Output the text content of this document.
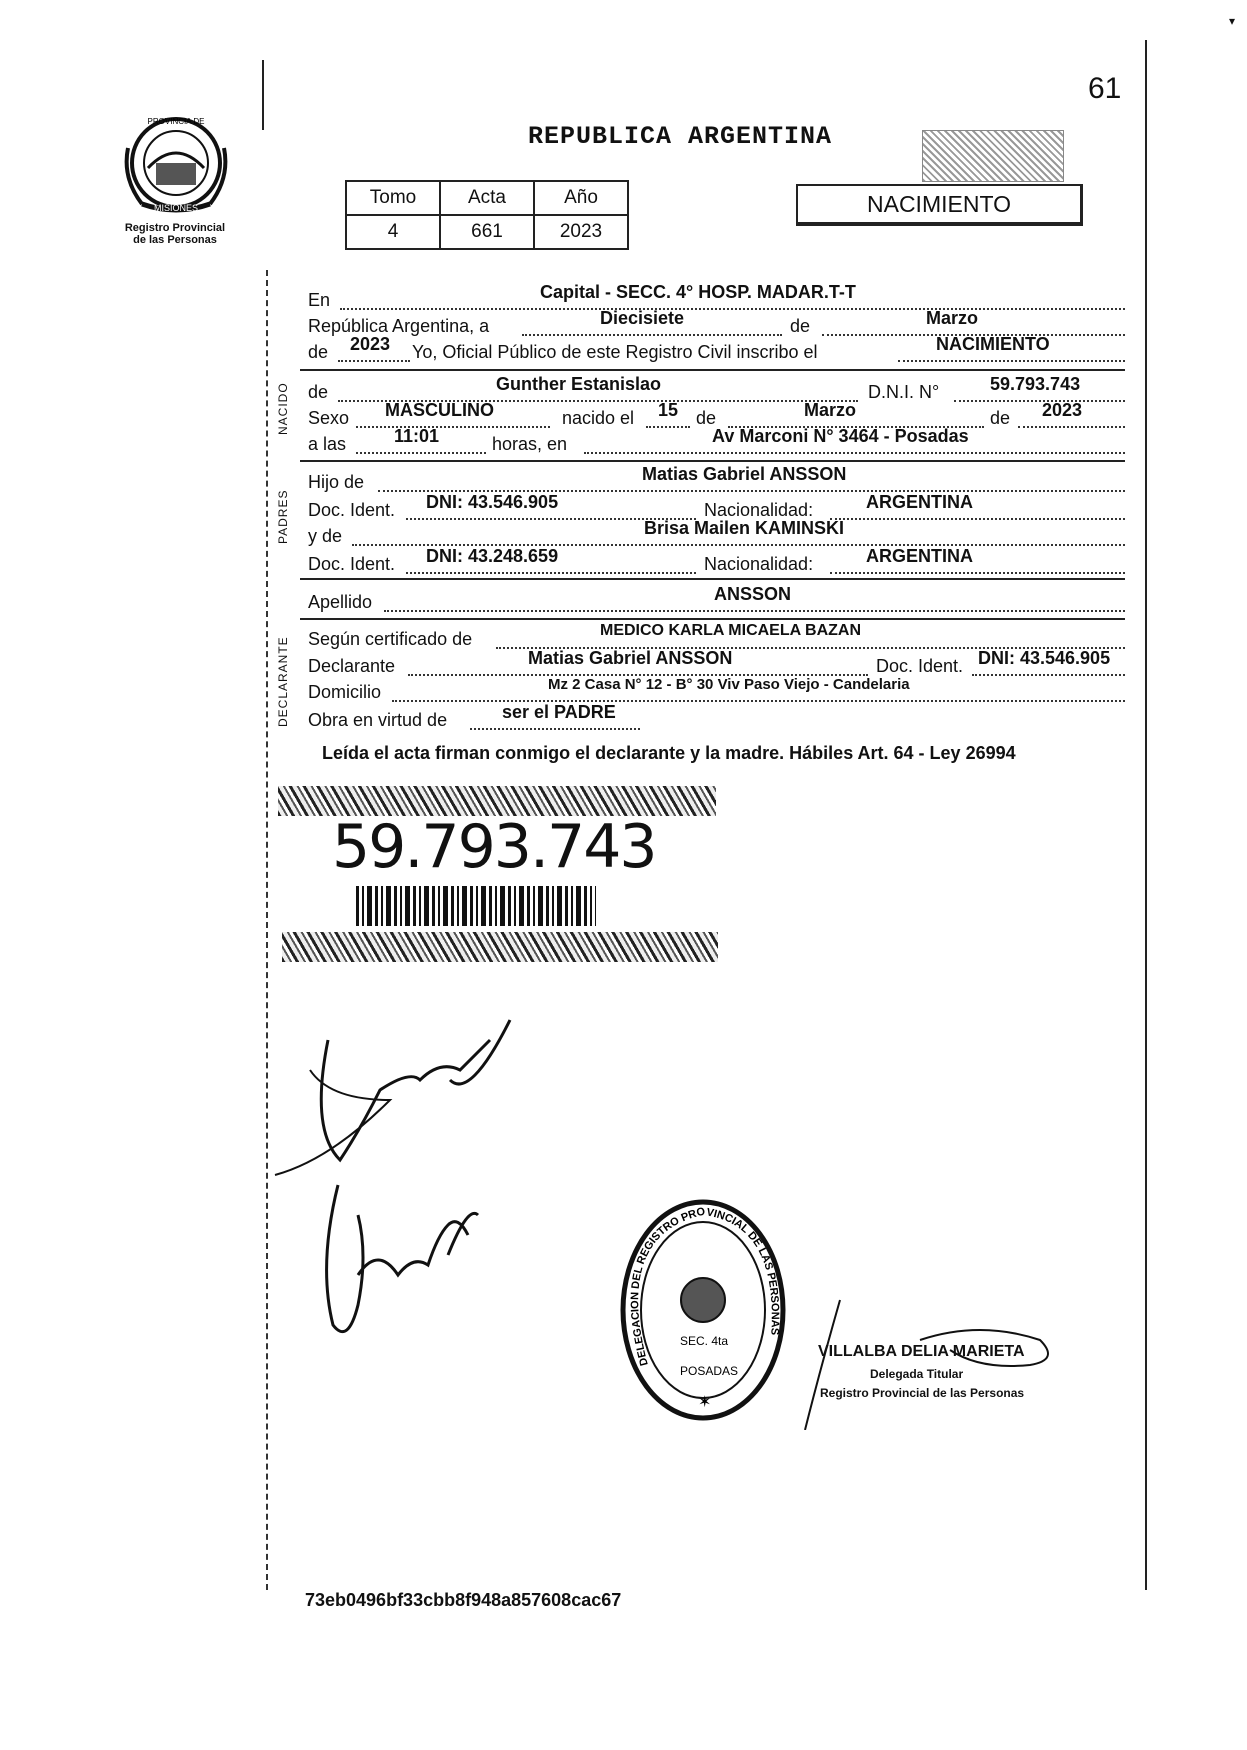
▾
61
PROVINCIA DE
MISIONES
Registro Provincial
de las Personas
REPUBLICA ARGENTINA
Tomo	Acta	Año
4	661	2023
NACIMIENTO
En	Capital - SECC. 4° HOSP. MADAR.T-T
República Argentina, a	Diecisiete	de	Marzo
de 2023 Yo, Oficial Público de este Registro Civil inscribo el	NACIMIENTO
NACIDO de	Gunther Estanislao	D.N.I. N°	59.793.743
Sexo MASCULINO	nacido el 15 de	Marzo	de 2023
a las	11:01	horas, en	Av Marconi N° 3464 - Posadas
PADRES
Hijo de	Matias Gabriel ANSSON
Doc. Ident. DNI: 43.546.905	Nacionalidad:	ARGENTINA
y de	Brisa Mailen KAMINSKI
Doc. Ident. DNI: 43.248.659	Nacionalidad:	ARGENTINA
Apellido	ANSSON
DECLARANTE Según certificado de	MEDICO KARLA MICAELA BAZAN
Declarante	Matias Gabriel ANSSON	Doc. Ident. DNI: 43.546.905
Domicilio	Mz 2 Casa N° 12 - B° 30 Viv Paso Viejo - Candelaria
Obra en virtud de	ser el PADRE
Leída el acta firman conmigo el declarante y la madre. Hábiles Art. 64 - Ley 26994
59.793.743
DELEGACION DEL REGISTRO PROVINCIAL DE LAS PERSONAS
SEC. 4ta
POSADAS
✶
VILLALBA DELIA MARIETA
Delegada Titular
Registro Provincial de las Personas
73eb0496bf33cbb8f948a857608cac67
